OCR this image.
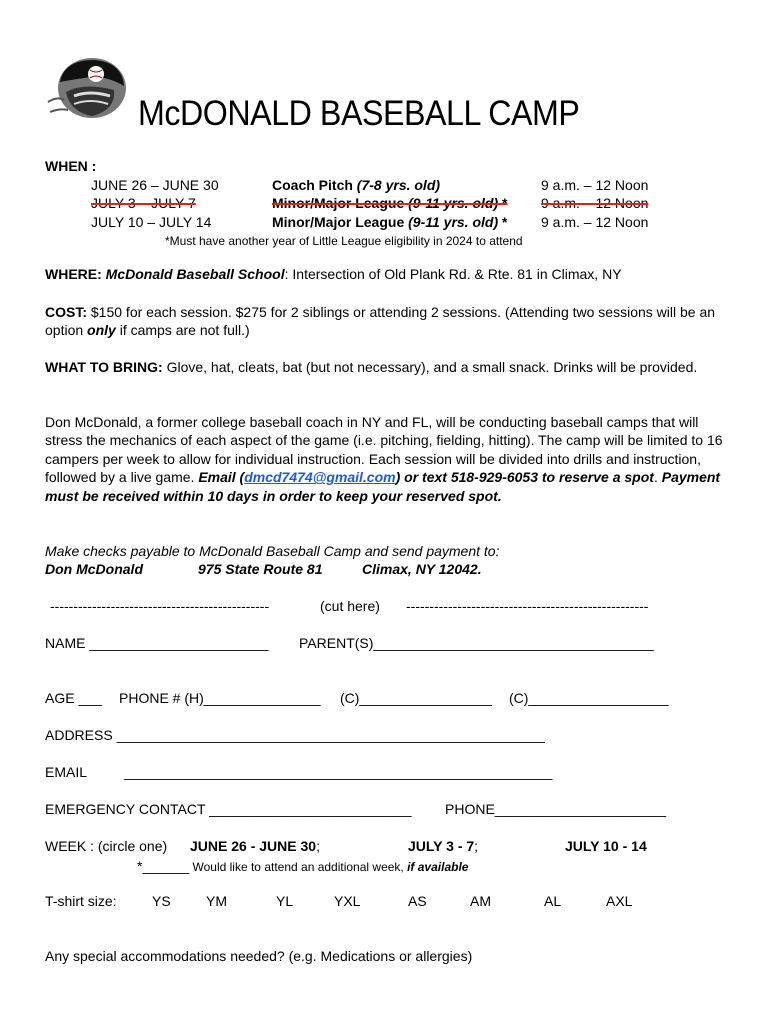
McDONALD BASEBALL CAMP
WHEN :
JUNE 26 – JUNE 30	Coach Pitch (7-8 yrs. old)	9 a.m. – 12 Noon
JULY 3 – JULY 7	Minor/Major League (9-11 yrs. old) * 9 a.m. – 12 Noon
JULY 10 – JULY 14	Minor/Major League (9-11 yrs. old) * 9 a.m. – 12 Noon
*Must have another year of Little League eligibility in 2024 to attend
WHERE: McDonald Baseball School: Intersection of Old Plank Rd. & Rte. 81 in Climax, NY
COST: $150 for each session. $275 for 2 siblings or attending 2 sessions. (Attending two sessions will be an option only if camps are not full.)
WHAT TO BRING: Glove, hat, cleats, bat (but not necessary), and a small snack. Drinks will be provided.
Don McDonald, a former college baseball coach in NY and FL, will be conducting baseball camps that will stress the mechanics of each aspect of the game (i.e. pitching, fielding, hitting). The camp will be limited to 16 campers per week to allow for individual instruction. Each session will be divided into drills and instruction, followed by a live game. Email (dmcd7474@gmail.com) or text 518-929-6053 to reserve a spot. Payment must be received within 10 days in order to keep your reserved spot.
Make checks payable to McDonald Baseball Camp and send payment to:
Don McDonald	975 State Route 81	Climax, NY 12042.
-----------------------------------------------	(cut here) ----------------------------------------------------
NAME _______________________ PARENT(S)____________________________________
AGE ___ PHONE # (H)_______________ (C)_________________ (C)__________________
ADDRESS _______________________________________________________
EMAIL	_______________________________________________________
EMERGENCY CONTACT __________________________ PHONE______________________
WEEK : (circle one) JUNE 26 - JUNE 30;	JULY 3 - 7;	JULY 10 - 14
*______ Would like to attend an additional week, if available
T-shirt size:	YS	YM	YL	YXL	AS	AM	AL	AXL
Any special accommodations needed? (e.g. Medications or allergies)
